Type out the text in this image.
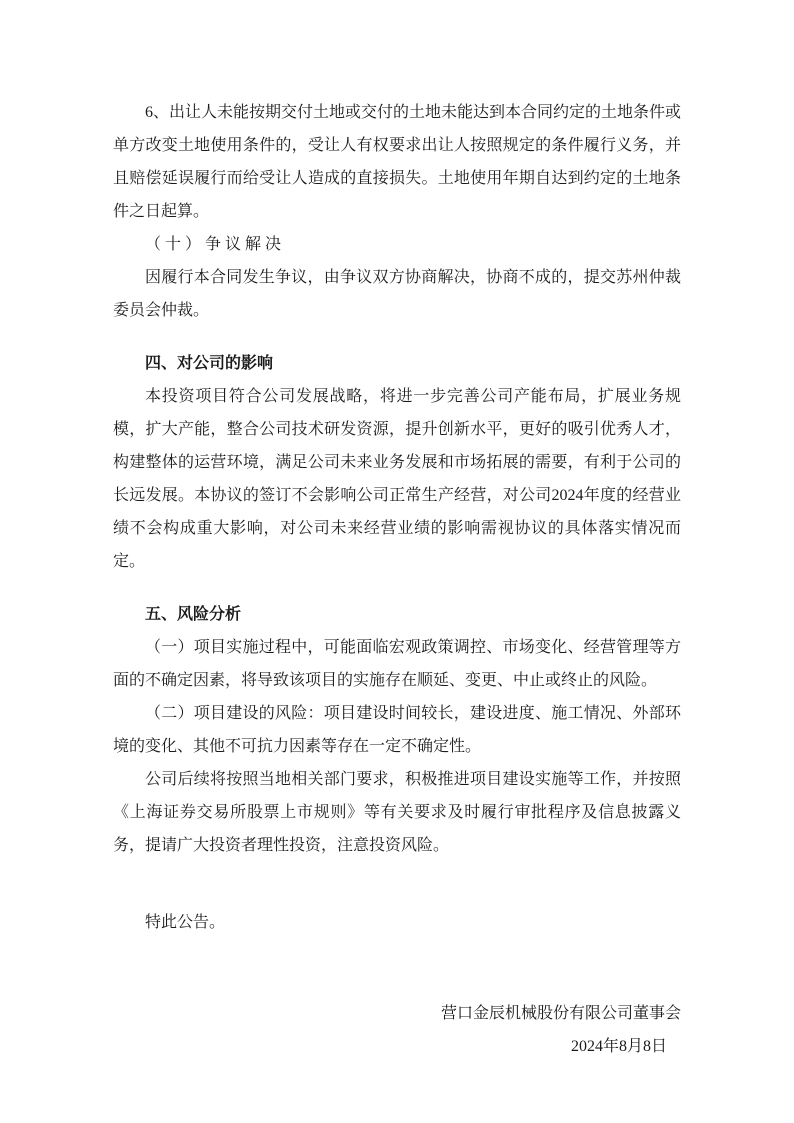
6、出让人未能按期交付土地或交付的土地未能达到本合同约定的土地条件或单方改变土地使用条件的，受让人有权要求出让人按照规定的条件履行义务，并且赔偿延误履行而给受让人造成的直接损失。土地使用年期自达到约定的土地条件之日起算。

（十）争议解决

因履行本合同发生争议，由争议双方协商解决，协商不成的，提交苏州仲裁委员会仲裁。

四、对公司的影响

本投资项目符合公司发展战略，将进一步完善公司产能布局，扩展业务规模，扩大产能，整合公司技术研发资源，提升创新水平，更好的吸引优秀人才，构建整体的运营环境，满足公司未来业务发展和市场拓展的需要，有利于公司的长远发展。本协议的签订不会影响公司正常生产经营，对公司2024年度的经营业绩不会构成重大影响，对公司未来经营业绩的影响需视协议的具体落实情况而定。

五、风险分析

（一）项目实施过程中，可能面临宏观政策调控、市场变化、经营管理等方面的不确定因素，将导致该项目的实施存在顺延、变更、中止或终止的风险。

（二）项目建设的风险：项目建设时间较长，建设进度、施工情况、外部环境的变化、其他不可抗力因素等存在一定不确定性。

公司后续将按照当地相关部门要求，积极推进项目建设实施等工作，并按照《上海证券交易所股票上市规则》等有关要求及时履行审批程序及信息披露义务，提请广大投资者理性投资，注意投资风险。

特此公告。

营口金辰机械股份有限公司董事会

2024年8月8日
